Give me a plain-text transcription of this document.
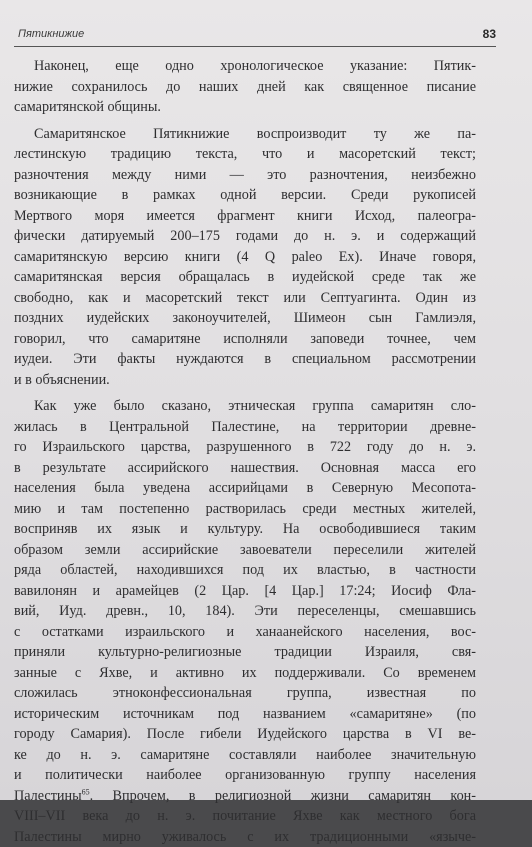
Пятикнижие	83
Наконец, еще одно хронологическое указание: Пятик-
нижие сохранилось до наших дней как священное писание
самаритянской общины.
Самаритянское Пятикнижие воспроизводит ту же па-
лестинскую традицию текста, что и масоретский текст;
разночтения между ними — это разночтения, неизбежно
возникающие в рамках одной версии. Среди рукописей
Мертвого моря имеется фрагмент книги Исход, палеогра-
фически датируемый 200–175 годами до н. э. и содержащий
самаритянскую версию книги (4 Q paleo Ex). Иначе говоря,
самаритянская версия обращалась в иудейской среде так же
свободно, как и масоретский текст или Септуагинта. Один из
поздних иудейских законоучителей, Шимеон сын Гамлиэля,
говорил, что самаритяне исполняли заповеди точнее, чем
иудеи. Эти факты нуждаются в специальном рассмотрении
и в объяснении.
Как уже было сказано, этническая группа самаритян сло-
жилась в Центральной Палестине, на территории древне-
го Израильского царства, разрушенного в 722 году до н. э.
в результате ассирийского нашествия. Основная масса его
населения была уведена ассирийцами в Северную Месопота-
мию и там постепенно растворилась среди местных жителей,
восприняв их язык и культуру. На освободившиеся таким
образом земли ассирийские завоеватели переселили жителей
ряда областей, находившихся под их властью, в частности
вавилонян и арамейцев (2 Цар. [4 Цар.] 17:24; Иосиф Фла-
вий, Иуд. древн., 10, 184). Эти переселенцы, смешавшись
с остатками израильского и ханаанейского населения, вос-
приняли культурно-религиозные традиции Израиля, свя-
занные с Яхве, и активно их поддерживали. Со временем
сложилась этноконфессиональная группа, известная по
историческим источникам под названием «самаритяне» (по
городу Самария). После гибели Иудейского царства в VI ве-
ке до н. э. самаритяне составляли наиболее значительную
и политически наиболее организованную группу населения
Палестины$^{65}$. Впрочем, в религиозной жизни самаритян кон-
VIII–VII века до н. э. почитание Яхве как местного бога
Палестины мирно уживалось с их традиционными «языче-
